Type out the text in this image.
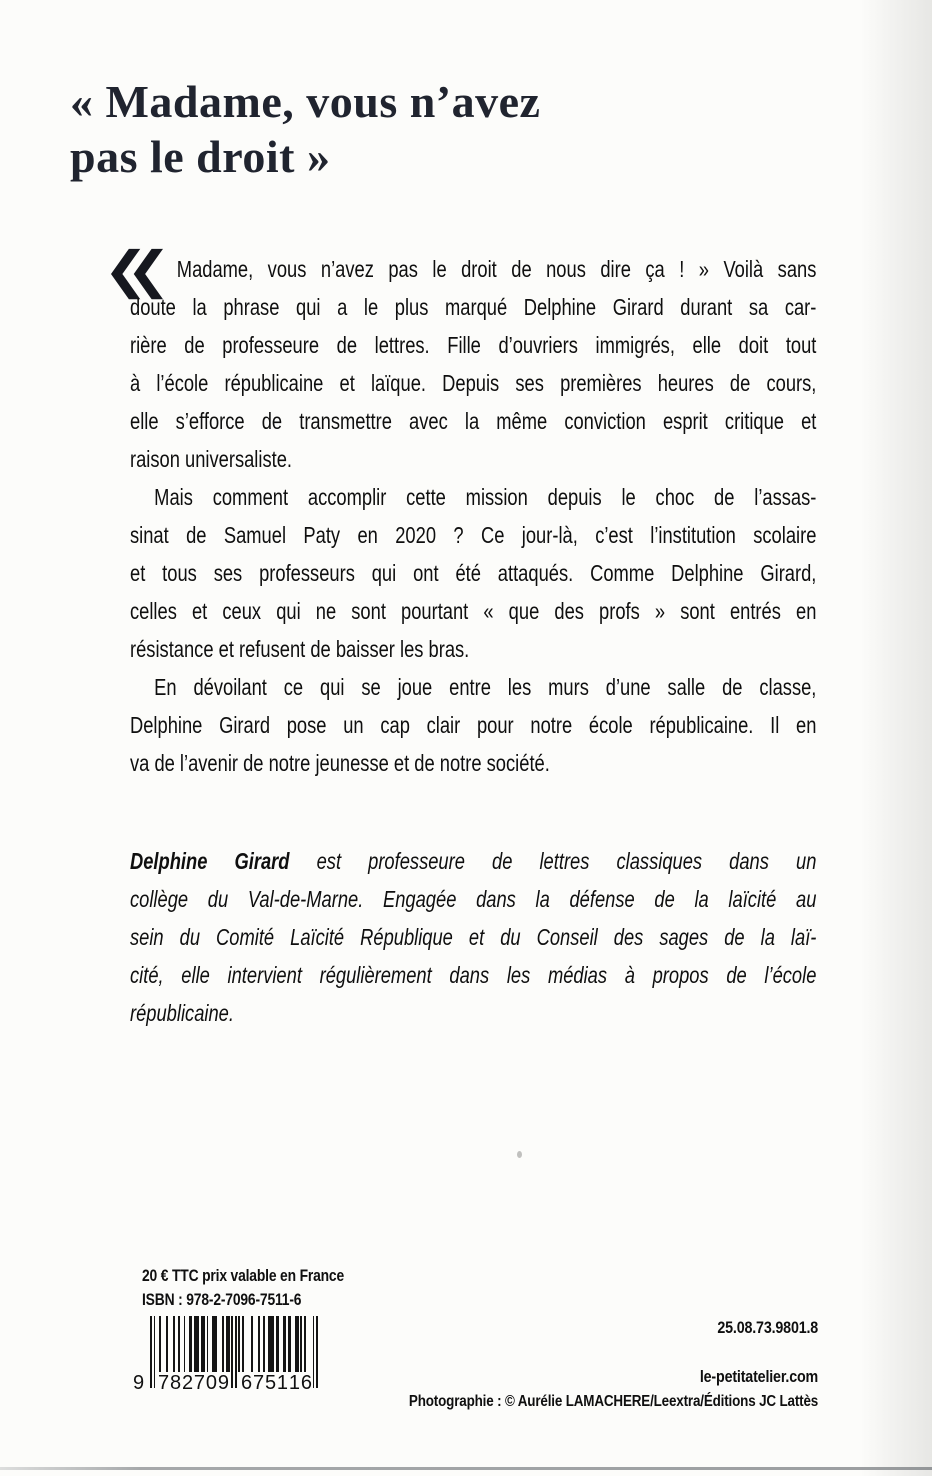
« Madame, vous n’avez
pas le droit »
Madame, vous n’avez pas le droit de nous dire ça ! » Voilà sans
doute la phrase qui a le plus marqué Delphine Girard durant sa car-
rière de professeure de lettres. Fille d’ouvriers immigrés, elle doit tout
à l’école républicaine et laïque. Depuis ses premières heures de cours,
elle s’efforce de transmettre avec la même conviction esprit critique et
raison universaliste.
Mais comment accomplir cette mission depuis le choc de l’assas-
sinat de Samuel Paty en 2020 ? Ce jour-là, c’est l’institution scolaire
et tous ses professeurs qui ont été attaqués. Comme Delphine Girard,
celles et ceux qui ne sont pourtant « que des profs » sont entrés en
résistance et refusent de baisser les bras.
En dévoilant ce qui se joue entre les murs d’une salle de classe,
Delphine Girard pose un cap clair pour notre école républicaine. Il en
va de l’avenir de notre jeunesse et de notre société.
Delphine Girard est professeure de lettres classiques dans un
collège du Val-de-Marne. Engagée dans la défense de la laïcité au
sein du Comité Laïcité République et du Conseil des sages de la laï-
cité, elle intervient régulièrement dans les médias à propos de l’école
républicaine.
20 € TTC prix valable en France
ISBN : 978-2-7096-7511-6
9 7 8 2 7 0 9 6 7 5 1 1 6
25.08.73.9801.8
le-petitatelier.com
Photographie : © Aurélie LAMACHERE/Leextra/Éditions JC Lattès
